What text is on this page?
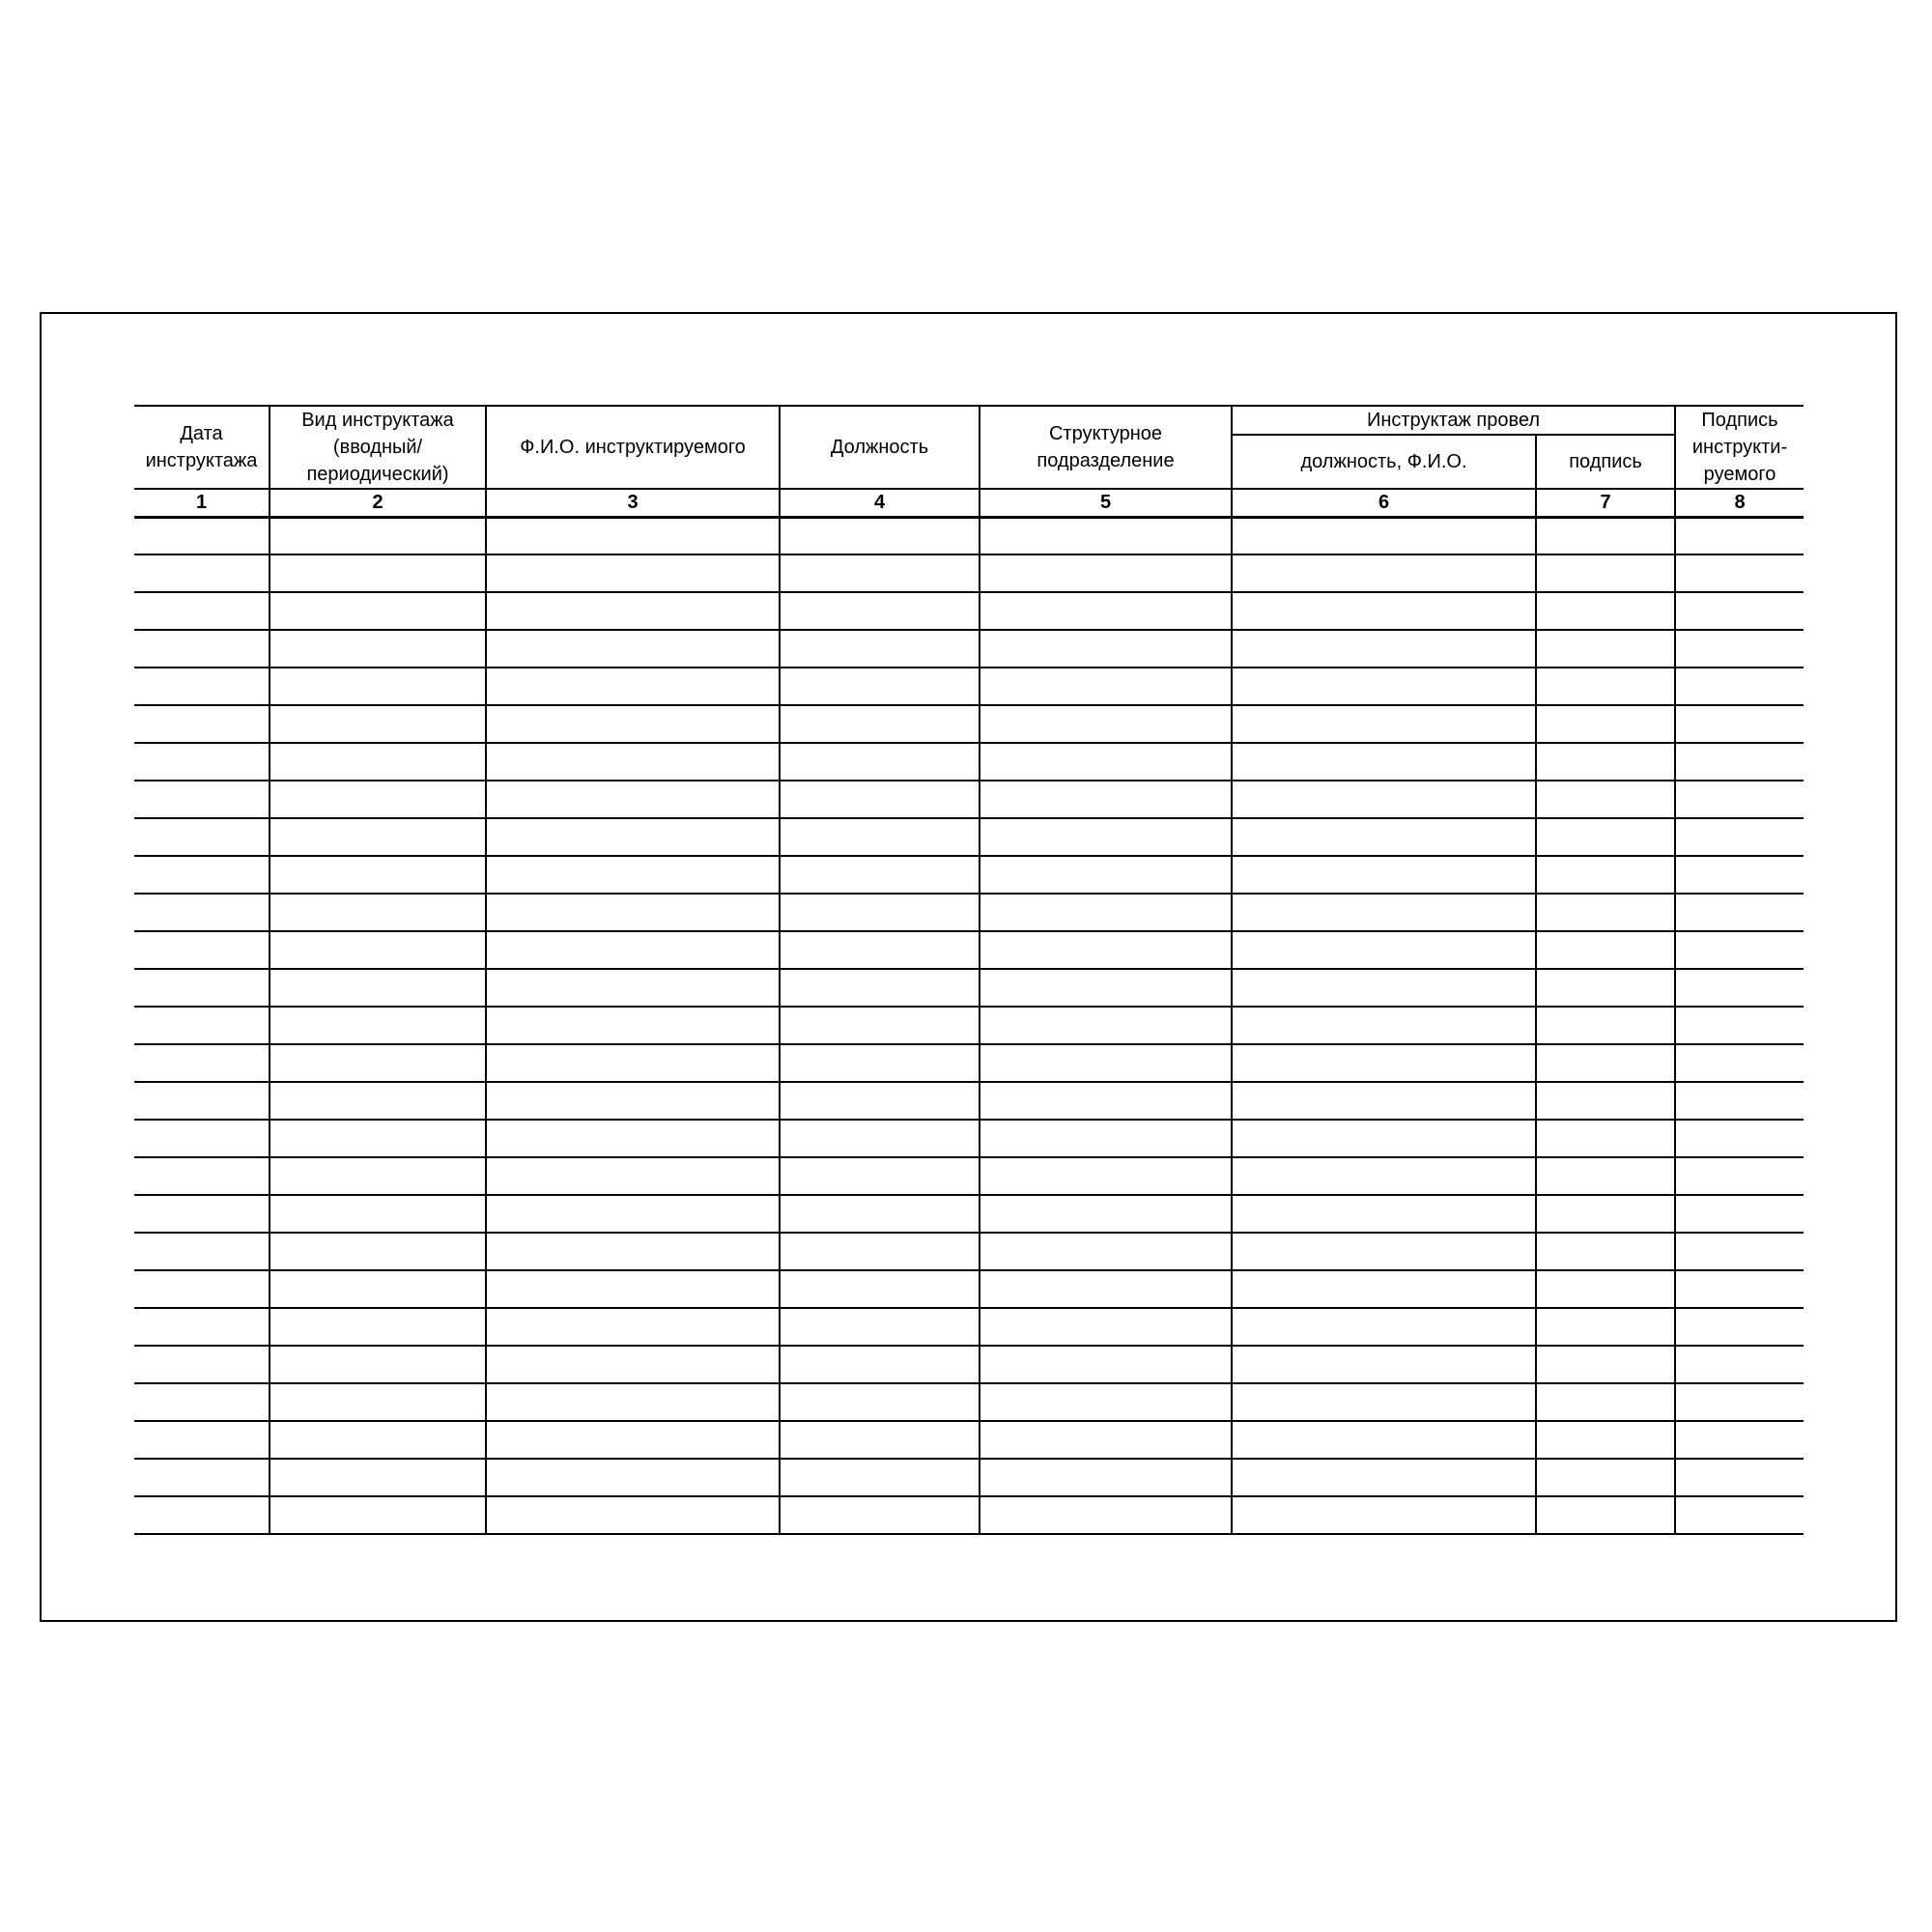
Дата инструктажа	Вид инструктажа (вводный/ периодический)	Ф.И.О. инструктируемого	Должность	Структурное подразделение	Инструктаж провел		Подпись инструкти-руемого
					должность, Ф.И.О.	подпись	
1	2	3	4	5	6	7	8
